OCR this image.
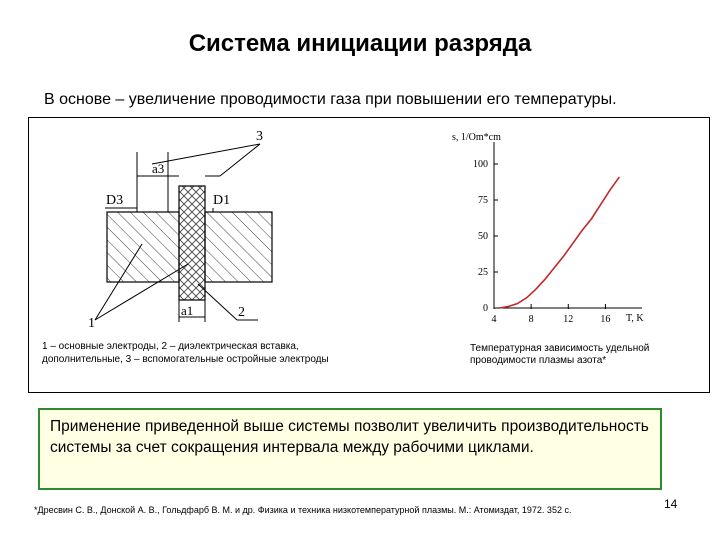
Система инициации разряда
В основе – увеличение проводимости газа при повышении его температуры.
a3
D3	D1
a1
1
2
3
1 – основные электроды, 2 – диэлектрическая вставка, дополнительные, 3 – вспомогательные остройные электроды
4	8	12	16
0
25
50
75
100
s, 1/Om*cm
T, K
Температурная зависимость удельной проводимости плазмы азота*
Применение приведенной выше системы позволит увеличить производительность системы за счет сокращения интервала между рабочими циклами.
*Дресвин С. В., Донской А. В., Гольдфарб В. М. и др. Физика и техника низкотемпературной плазмы. М.: Атомиздат, 1972. 352 с.	14
